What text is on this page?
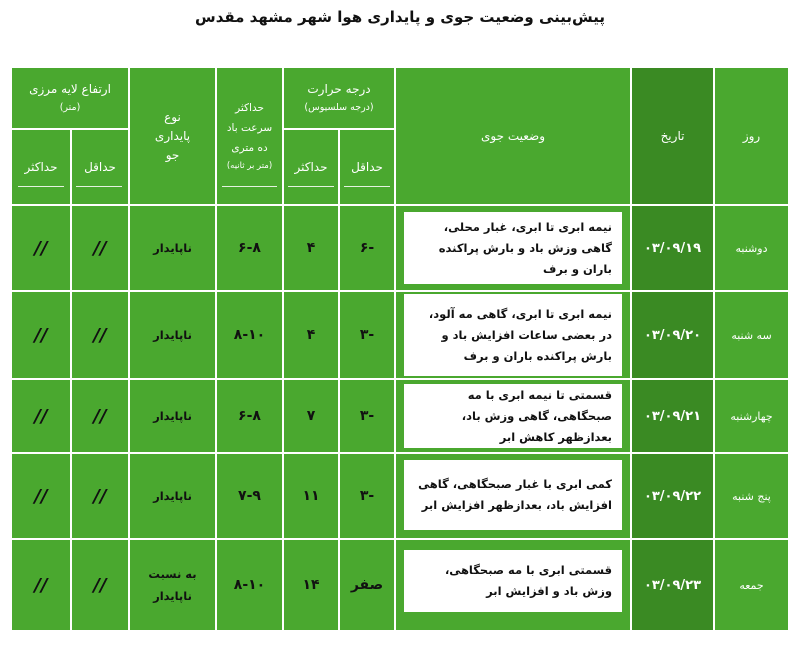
پیش‌بینی وضعیت جوی و پایداری هوا شهر مشهد مقدس
روز
تاریخ
وضعیت جوی
درجه حرارت
(درجه سلسیوس)
حداقل
حداکثر
حداکثر
سرعت باد
ده متری
(متر بر ثانیه)
نوع پایداری جو
ارتفاع لایه مرزی
(متر)
حداقل
حداکثر
دوشنبه
۰۳/۰۹/۱۹
نیمه ابری تا ابری، غبار محلی، گاهی وزش باد و بارش پراکنده باران و برف
-۶
۴
۶-۸
ناپایدار
//
//
سه شنبه
۰۳/۰۹/۲۰
نیمه ابری تا ابری، گاهی مه آلود، در بعضی ساعات افزایش باد و بارش پراکنده باران و برف
-۳
۴
۸-۱۰
ناپایدار
//
//
چهارشنبه
۰۳/۰۹/۲۱
قسمتی تا نیمه ابری با مه صبحگاهی، گاهی وزش باد، بعدازظهر کاهش ابر
-۳
۷
۶-۸
ناپایدار
//
//
پنج شنبه
۰۳/۰۹/۲۲
کمی ابری با غبار صبحگاهی، گاهی افزایش باد، بعدازظهر افزایش ابر
-۳
۱۱
۷-۹
ناپایدار
//
//
جمعه
۰۳/۰۹/۲۳
قسمتی ابری با مه صبحگاهی، وزش باد و افزایش ابر
صفر
۱۴
۸-۱۰
به نسبت ناپایدار
//
//
